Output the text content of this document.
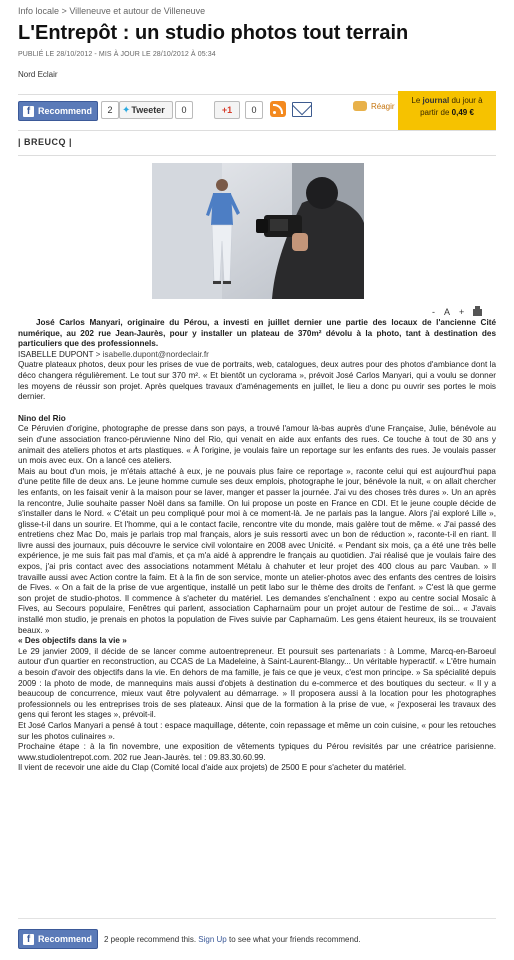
Info locale > Villeneuve et autour de Villeneuve
L'Entrepôt : un studio photos tout terrain
PUBLIÉ LE 28/10/2012 - MIS À JOUR LE 28/10/2012 À 05:34
Nord Eclair
f Recommend	2 ✦Tweeter	0	+1	0	Réagir
Le journal du jour à
partir de 0,49 €
| BREUCQ |
- A +

José Carlos Manyari, originaire du Pérou, a investi en juillet dernier une partie des locaux de l'ancienne Cité numérique, au 202 rue Jean-Jaurès, pour y installer un plateau de 370m² dévolu à la photo, tant à destination des particuliers que des professionnels.

ISABELLE DUPONT > isabelle.dupont@nordeclair.fr

Quatre plateaux photos, deux pour les prises de vue de portraits, web, catalogues, deux autres pour des photos d'ambiance dont la déco changera régulièrement. Le tout sur 370 m². « Et bientôt un cyclorama », prévoit José Carlos Manyari, qui a voulu se donner les moyens de réussir son projet. Après quelques travaux d'aménagements en juillet, le lieu a donc pu ouvrir ses portes le mois dernier.

Nino del Rio

Ce Péruvien d'origine, photographe de presse dans son pays, a trouvé l'amour là-bas auprès d'une Française, Julie, bénévole au sein d'une association franco-péruvienne Nino del Rio, qui venait en aide aux enfants des rues. Ce touche à tout de 30 ans y animait des ateliers photos et arts plastiques. « À l'origine, je voulais faire un reportage sur les enfants des rues. Je voulais passer un mois avec eux. On a lancé ces ateliers.

Mais au bout d'un mois, je m'étais attaché à eux, je ne pouvais plus faire ce reportage », raconte celui qui est aujourd'hui papa d'une petite fille de deux ans. Le jeune homme cumule ses deux emplois, photographe le jour, bénévole la nuit, « on allait chercher les enfants, on les faisait venir à la maison pour se laver, manger et passer la journée. J'ai vu des choses très dures ». Un an après la rencontre, Julie souhaite passer Noël dans sa famille. On lui propose un poste en France en CDI. Et le jeune couple décide de s'installer dans le Nord. « C'était un peu compliqué pour moi à ce moment-là. Je ne parlais pas la langue. Alors j'ai exploré Lille », glisse-t-il dans un sourire. Et l'homme, qui a le contact facile, rencontre vite du monde, mais galère tout de même. « J'ai passé des entretiens chez Mac Do, mais je parlais trop mal français, alors je suis ressorti avec un bon de réduction », raconte-t-il en riant. Il livre aussi des journaux, puis découvre le service civil volontaire en 2008 avec Unicité. « Pendant six mois, ça a été une très belle expérience, je me suis fait pas mal d'amis, et ça m'a aidé à apprendre le français au quotidien. J'ai réalisé que je voulais faire des expos, j'ai pris contact avec des associations notamment Métalu à chahuter et leur projet des 400 clous au parc Vauban. » Il travaille aussi avec Action contre la faim. Et à la fin de son service, monte un atelier-photos avec des enfants des centres de loisirs de Fives. « On a fait de la prise de vue argentique, installé un petit labo sur le thème des droits de l'enfant. » C'est là que germe son projet de studio-photos. Il commence à s'acheter du matériel. Les demandes s'enchaînent : expo au centre social Mosaïc à Fives, au Secours populaire, Fenêtres qui parlent, association Capharnaüm pour un projet autour de l'estime de soi... « J'avais installé mon studio, je prenais en photos la population de Fives suivie par Capharnaüm. Les gens étaient heureux, ils se trouvaient beaux. »

« Des objectifs dans la vie »

Le 29 janvier 2009, il décide de se lancer comme autoentrepreneur. Et poursuit ses partenariats : à Lomme, Marcq-en-Baroeul autour d'un quartier en reconstruction, au CCAS de La Madeleine, à Saint-Laurent-Blangy... Un véritable hyperactif. « L'être humain a besoin d'avoir des objectifs dans la vie. En dehors de ma famille, je fais ce que je veux, c'est mon principe. » Sa spécialité depuis 2009 : la photo de mode, de mannequins mais aussi d'objets à destination du e-commerce et des boutiques du secteur. « Il y a beaucoup de concurrence, mieux vaut être polyvalent au démarrage. » Il proposera aussi à la location pour les photographes professionnels ou les entreprises trois de ses plateaux. Ainsi que de la formation à la prise de vue, « j'exposerai les travaux des gens qui feront les stages », prévoit-il.

Et José Carlos Manyari a pensé à tout : espace maquillage, détente, coin repassage et même un coin cuisine, « pour les retouches sur les photos culinaires ».

Prochaine étape : à la fin novembre, une exposition de vêtements typiques du Pérou revisités par une créatrice parisienne. www.studiolentrepot.com. 202 rue Jean-Jaurès. tel : 09.83.30.60.99.

Il vient de recevoir une aide du Clap (Comité local d'aide aux projets) de 2500 E pour s'acheter du matériel.

f Recommend 2 people recommend this.
Sign Up
to see what your friends recommend.
